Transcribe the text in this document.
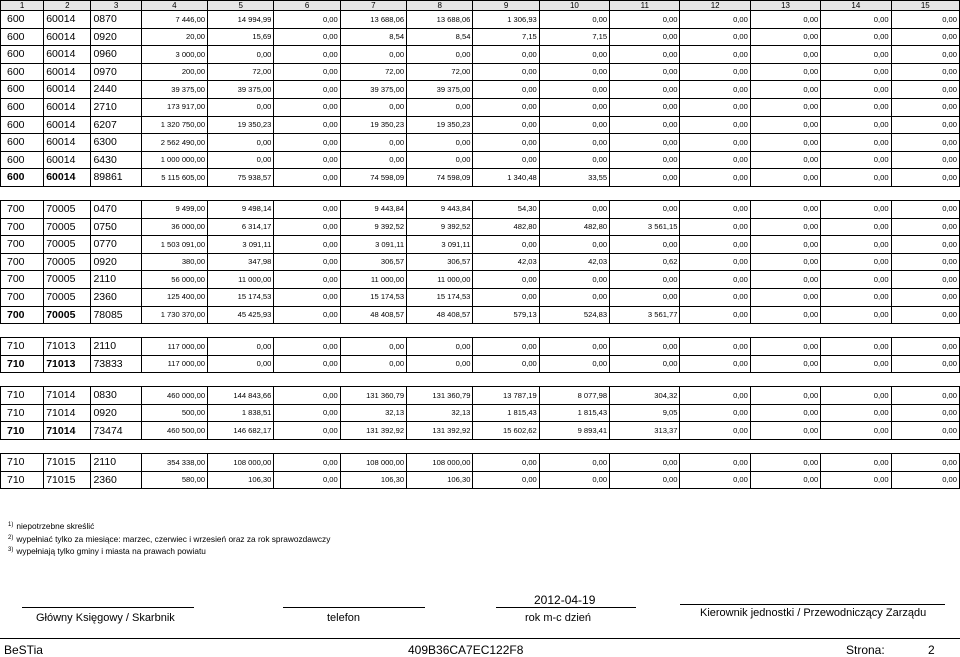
1	2	3	4	5	6	7	8	9	10	11	12	13	14	15
600	60014	0870	7 446,00	14 994,99	0,00	13 688,06	13 688,06	1 306,93	0,00	0,00	0,00	0,00	0,00	0,00
600	60014	0920	20,00	15,69	0,00	8,54	8,54	7,15	7,15	0,00	0,00	0,00	0,00	0,00
600	60014	0960	3 000,00	0,00	0,00	0,00	0,00	0,00	0,00	0,00	0,00	0,00	0,00	0,00
600	60014	0970	200,00	72,00	0,00	72,00	72,00	0,00	0,00	0,00	0,00	0,00	0,00	0,00
600	60014	2440	39 375,00	39 375,00	0,00	39 375,00	39 375,00	0,00	0,00	0,00	0,00	0,00	0,00	0,00
600	60014	2710	173 917,00	0,00	0,00	0,00	0,00	0,00	0,00	0,00	0,00	0,00	0,00	0,00
600	60014	6207	1 320 750,00	19 350,23	0,00	19 350,23	19 350,23	0,00	0,00	0,00	0,00	0,00	0,00	0,00
600	60014	6300	2 562 490,00	0,00	0,00	0,00	0,00	0,00	0,00	0,00	0,00	0,00	0,00	0,00
600	60014	6430	1 000 000,00	0,00	0,00	0,00	0,00	0,00	0,00	0,00	0,00	0,00	0,00	0,00
600	60014	89861	5 115 605,00	75 938,57	0,00	74 598,09	74 598,09	1 340,48	33,55	0,00	0,00	0,00	0,00	0,00

700	70005	0470	9 499,00	9 498,14	0,00	9 443,84	9 443,84	54,30	0,00	0,00	0,00	0,00	0,00	0,00
700	70005	0750	36 000,00	6 314,17	0,00	9 392,52	9 392,52	482,80	482,80	3 561,15	0,00	0,00	0,00	0,00
700	70005	0770	1 503 091,00	3 091,11	0,00	3 091,11	3 091,11	0,00	0,00	0,00	0,00	0,00	0,00	0,00
700	70005	0920	380,00	347,98	0,00	306,57	306,57	42,03	42,03	0,62	0,00	0,00	0,00	0,00
700	70005	2110	56 000,00	11 000,00	0,00	11 000,00	11 000,00	0,00	0,00	0,00	0,00	0,00	0,00	0,00
700	70005	2360	125 400,00	15 174,53	0,00	15 174,53	15 174,53	0,00	0,00	0,00	0,00	0,00	0,00	0,00
700	70005	78085	1 730 370,00	45 425,93	0,00	48 408,57	48 408,57	579,13	524,83	3 561,77	0,00	0,00	0,00	0,00

710	71013	2110	117 000,00	0,00	0,00	0,00	0,00	0,00	0,00	0,00	0,00	0,00	0,00	0,00
710	71013	73833	117 000,00	0,00	0,00	0,00	0,00	0,00	0,00	0,00	0,00	0,00	0,00	0,00

710	71014	0830	460 000,00	144 843,66	0,00	131 360,79	131 360,79	13 787,19	8 077,98	304,32	0,00	0,00	0,00	0,00
710	71014	0920	500,00	1 838,51	0,00	32,13	32,13	1 815,43	1 815,43	9,05	0,00	0,00	0,00	0,00
710	71014	73474	460 500,00	146 682,17	0,00	131 392,92	131 392,92	15 602,62	9 893,41	313,37	0,00	0,00	0,00	0,00

710	71015	2110	354 338,00	108 000,00	0,00	108 000,00	108 000,00	0,00	0,00	0,00	0,00	0,00	0,00	0,00
710	71015	2360	580,00	106,30	0,00	106,30	106,30	0,00	0,00	0,00	0,00	0,00	0,00	0,00
$^{1)}$ niepotrzebne skreślić
$^{2)}$ wypełniać tylko za miesiące: marzec, czerwiec i wrzesień oraz za rok sprawozdawczy
$^{3)}$ wypełniają tylko gminy i miasta na prawach powiatu
Główny Księgowy / Skarbnik	telefon
2012-04-19
rok m-c dzień	Kierownik jednostki / Przewodniczący Zarządu
BeSTia	409B36CA7EC122F8	Strona:	2
